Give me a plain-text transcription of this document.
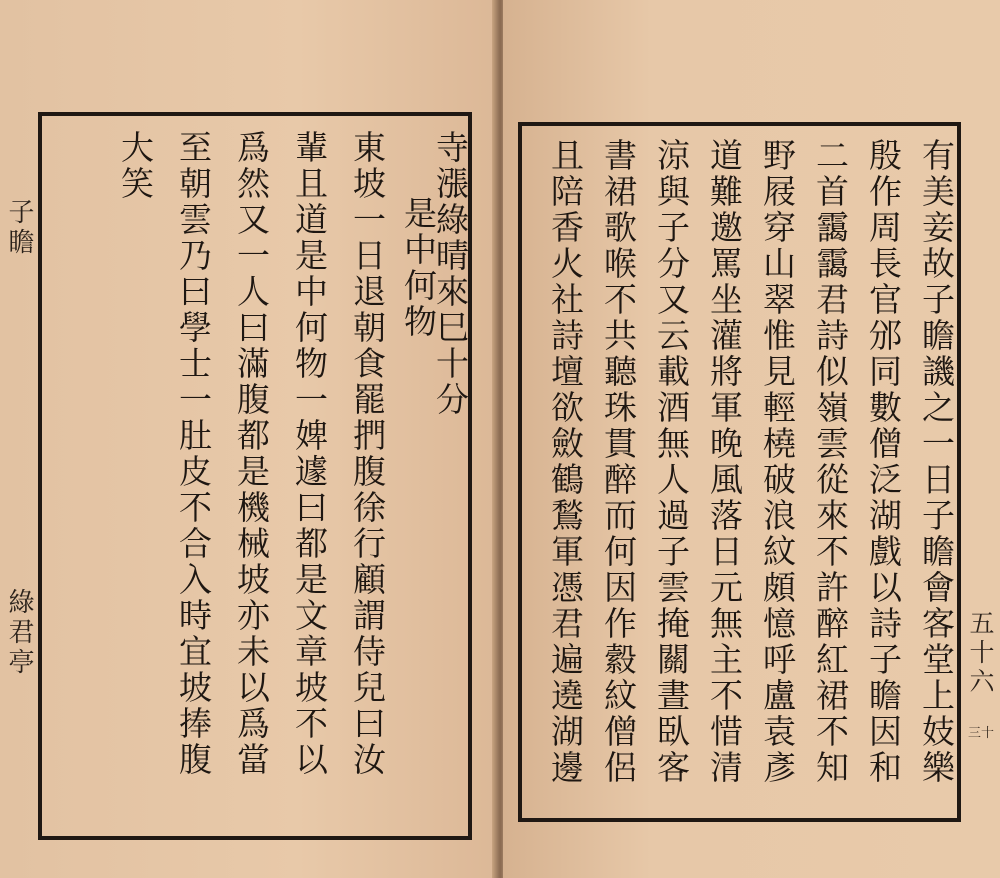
子瞻
綠君亭
寺漲綠晴來巳十分
是中何物
東坡一日退朝食罷捫腹徐行顧謂侍兒曰汝
輩且道是中何物一婢遽曰都是文章坡不以
爲然又一人曰滿腹都是機械坡亦未以爲當
至朝雲乃曰學士一肚皮不合入時宜坡捧腹
大笑
五十六
三十
有美妾故子瞻譏之一日子瞻會客堂上妓樂
殷作周長官邠同數僧泛湖戲以詩子瞻因和
二首靄靄君詩似嶺雲從來不許醉紅裙不知
野屐穿山翠惟見輕橈破浪紋頗憶呼盧袁彥
道難邀罵坐灌將軍晚風落日元無主不惜清
涼與子分又云載酒無人過子雲掩關晝臥客
書裙歌喉不共聽珠貫醉而何因作縠紋僧侶
且陪香火社詩壇欲斂鶴鶖軍憑君遍遶湖邊
